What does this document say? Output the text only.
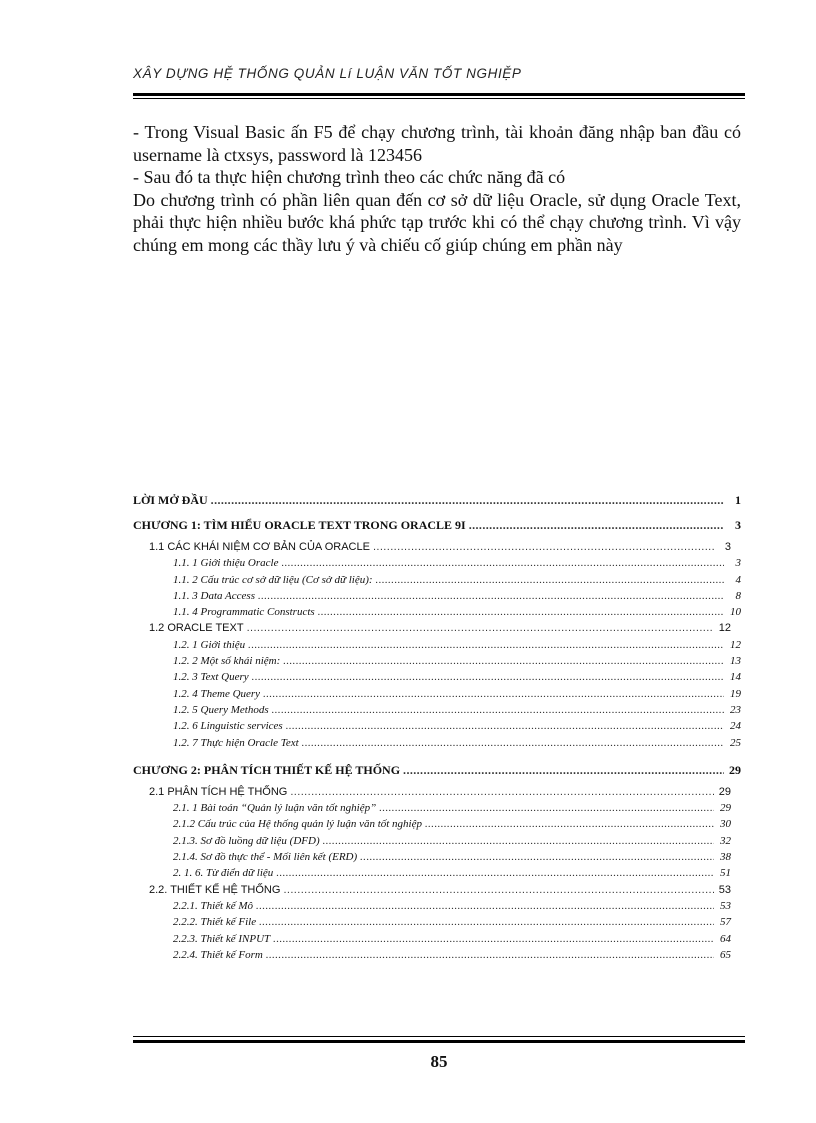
XÂY DỰNG HỆ THỐNG QUẢN Lí LUẬN VĂN TỐT NGHIỆP

- Trong Visual Basic ấn F5 để chạy chương trình, tài khoản đăng nhập ban đầu có username là ctxsys, password là 123456

- Sau đó ta thực hiện chương trình theo các chức năng đã có

Do chương trình có phần liên quan đến cơ sở dữ liệu Oracle, sử dụng Oracle Text, phải thực hiện nhiều bước khá phức tạp trước khi có thể chạy chương trình. Vì vậy chúng em mong các thầy lưu ý và chiếu cố giúp chúng em phần này

LỜI MỞ ĐẦU .....	1
CHƯƠNG 1: TÌM HIỂU ORACLE TEXT TRONG ORACLE 9I .....	3
1.1 CÁC KHÁI NIỆM CƠ BẢN CỦA ORACLE .....	3
1.1. 1 Giới thiệu Oracle .....	3
1.1. 2 Cấu trúc cơ sở dữ liệu (Cơ sở dữ liệu): .....	4
1.1. 3 Data Access .....	8
1.1. 4 Programmatic Constructs .....	10
1.2 ORACLE TEXT .....	12
1.2. 1 Giới thiệu .....	12
1.2. 2 Một số khái niệm: .....	13
1.2. 3 Text Query .....	14
1.2. 4 Theme Query .....	19
1.2. 5 Query Methods .....	23
1.2. 6 Linguistic services .....	24
1.2. 7 Thực hiện Oracle Text .....	25
CHƯƠNG 2: PHÂN TÍCH THIẾT KẾ HỆ THỐNG .....	29
2.1 PHÂN TÍCH HỆ THỐNG .....	29
2.1. 1 Bài toán “Quản lý luận văn tốt nghiệp” .....	29
2.1.2 Cấu trúc của Hệ thống quản lý luận văn tốt nghiệp .....	30
2.1.3. Sơ đồ luồng dữ liệu (DFD) .....	32
2.1.4. Sơ đồ thực thể - Mối liên kết (ERD) .....	38
2. 1. 6. Từ điển dữ liệu .....	51
2.2. THIẾT KẾ HỆ THỐNG .....	53
2.2.1. Thiết kế Mô .....	53
2.2.2. Thiết kế File .....	57
2.2.3. Thiết kế INPUT .....	64
2.2.4. Thiết kế Form .....	65
85
